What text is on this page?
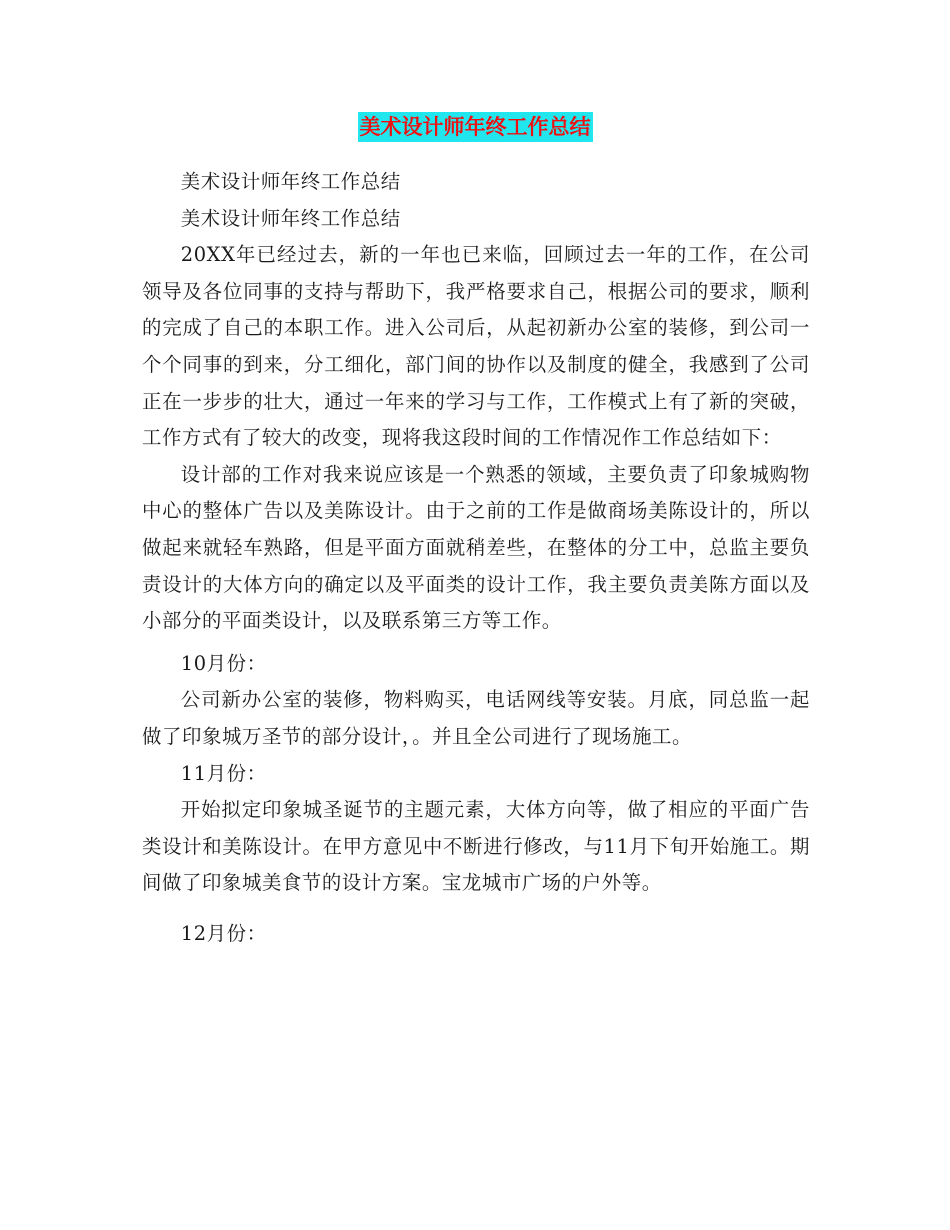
美术设计师年终工作总结

美术设计师年终工作总结

美术设计师年终工作总结

20XX年已经过去，新的一年也已来临，回顾过去一年的工作，在公司领导及各位同事的支持与帮助下，我严格要求自己，根据公司的要求，顺利的完成了自己的本职工作。进入公司后，从起初新办公室的装修，到公司一个个同事的到来，分工细化，部门间的协作以及制度的健全，我感到了公司正在一步步的壮大，通过一年来的学习与工作，工作模式上有了新的突破，工作方式有了较大的改变，现将我这段时间的工作情况作工作总结如下：

设计部的工作对我来说应该是一个熟悉的领域，主要负责了印象城购物中心的整体广告以及美陈设计。由于之前的工作是做商场美陈设计的，所以做起来就轻车熟路，但是平面方面就稍差些，在整体的分工中，总监主要负责设计的大体方向的确定以及平面类的设计工作，我主要负责美陈方面以及小部分的平面类设计，以及联系第三方等工作。

10月份：

公司新办公室的装修，物料购买，电话网线等安装。月底，同总监一起做了印象城万圣节的部分设计，。并且全公司进行了现场施工。

11月份：

开始拟定印象城圣诞节的主题元素，大体方向等，做了相应的平面广告类设计和美陈设计。在甲方意见中不断进行修改，与11月下旬开始施工。期间做了印象城美食节的设计方案。宝龙城市广场的户外等。

12月份：
